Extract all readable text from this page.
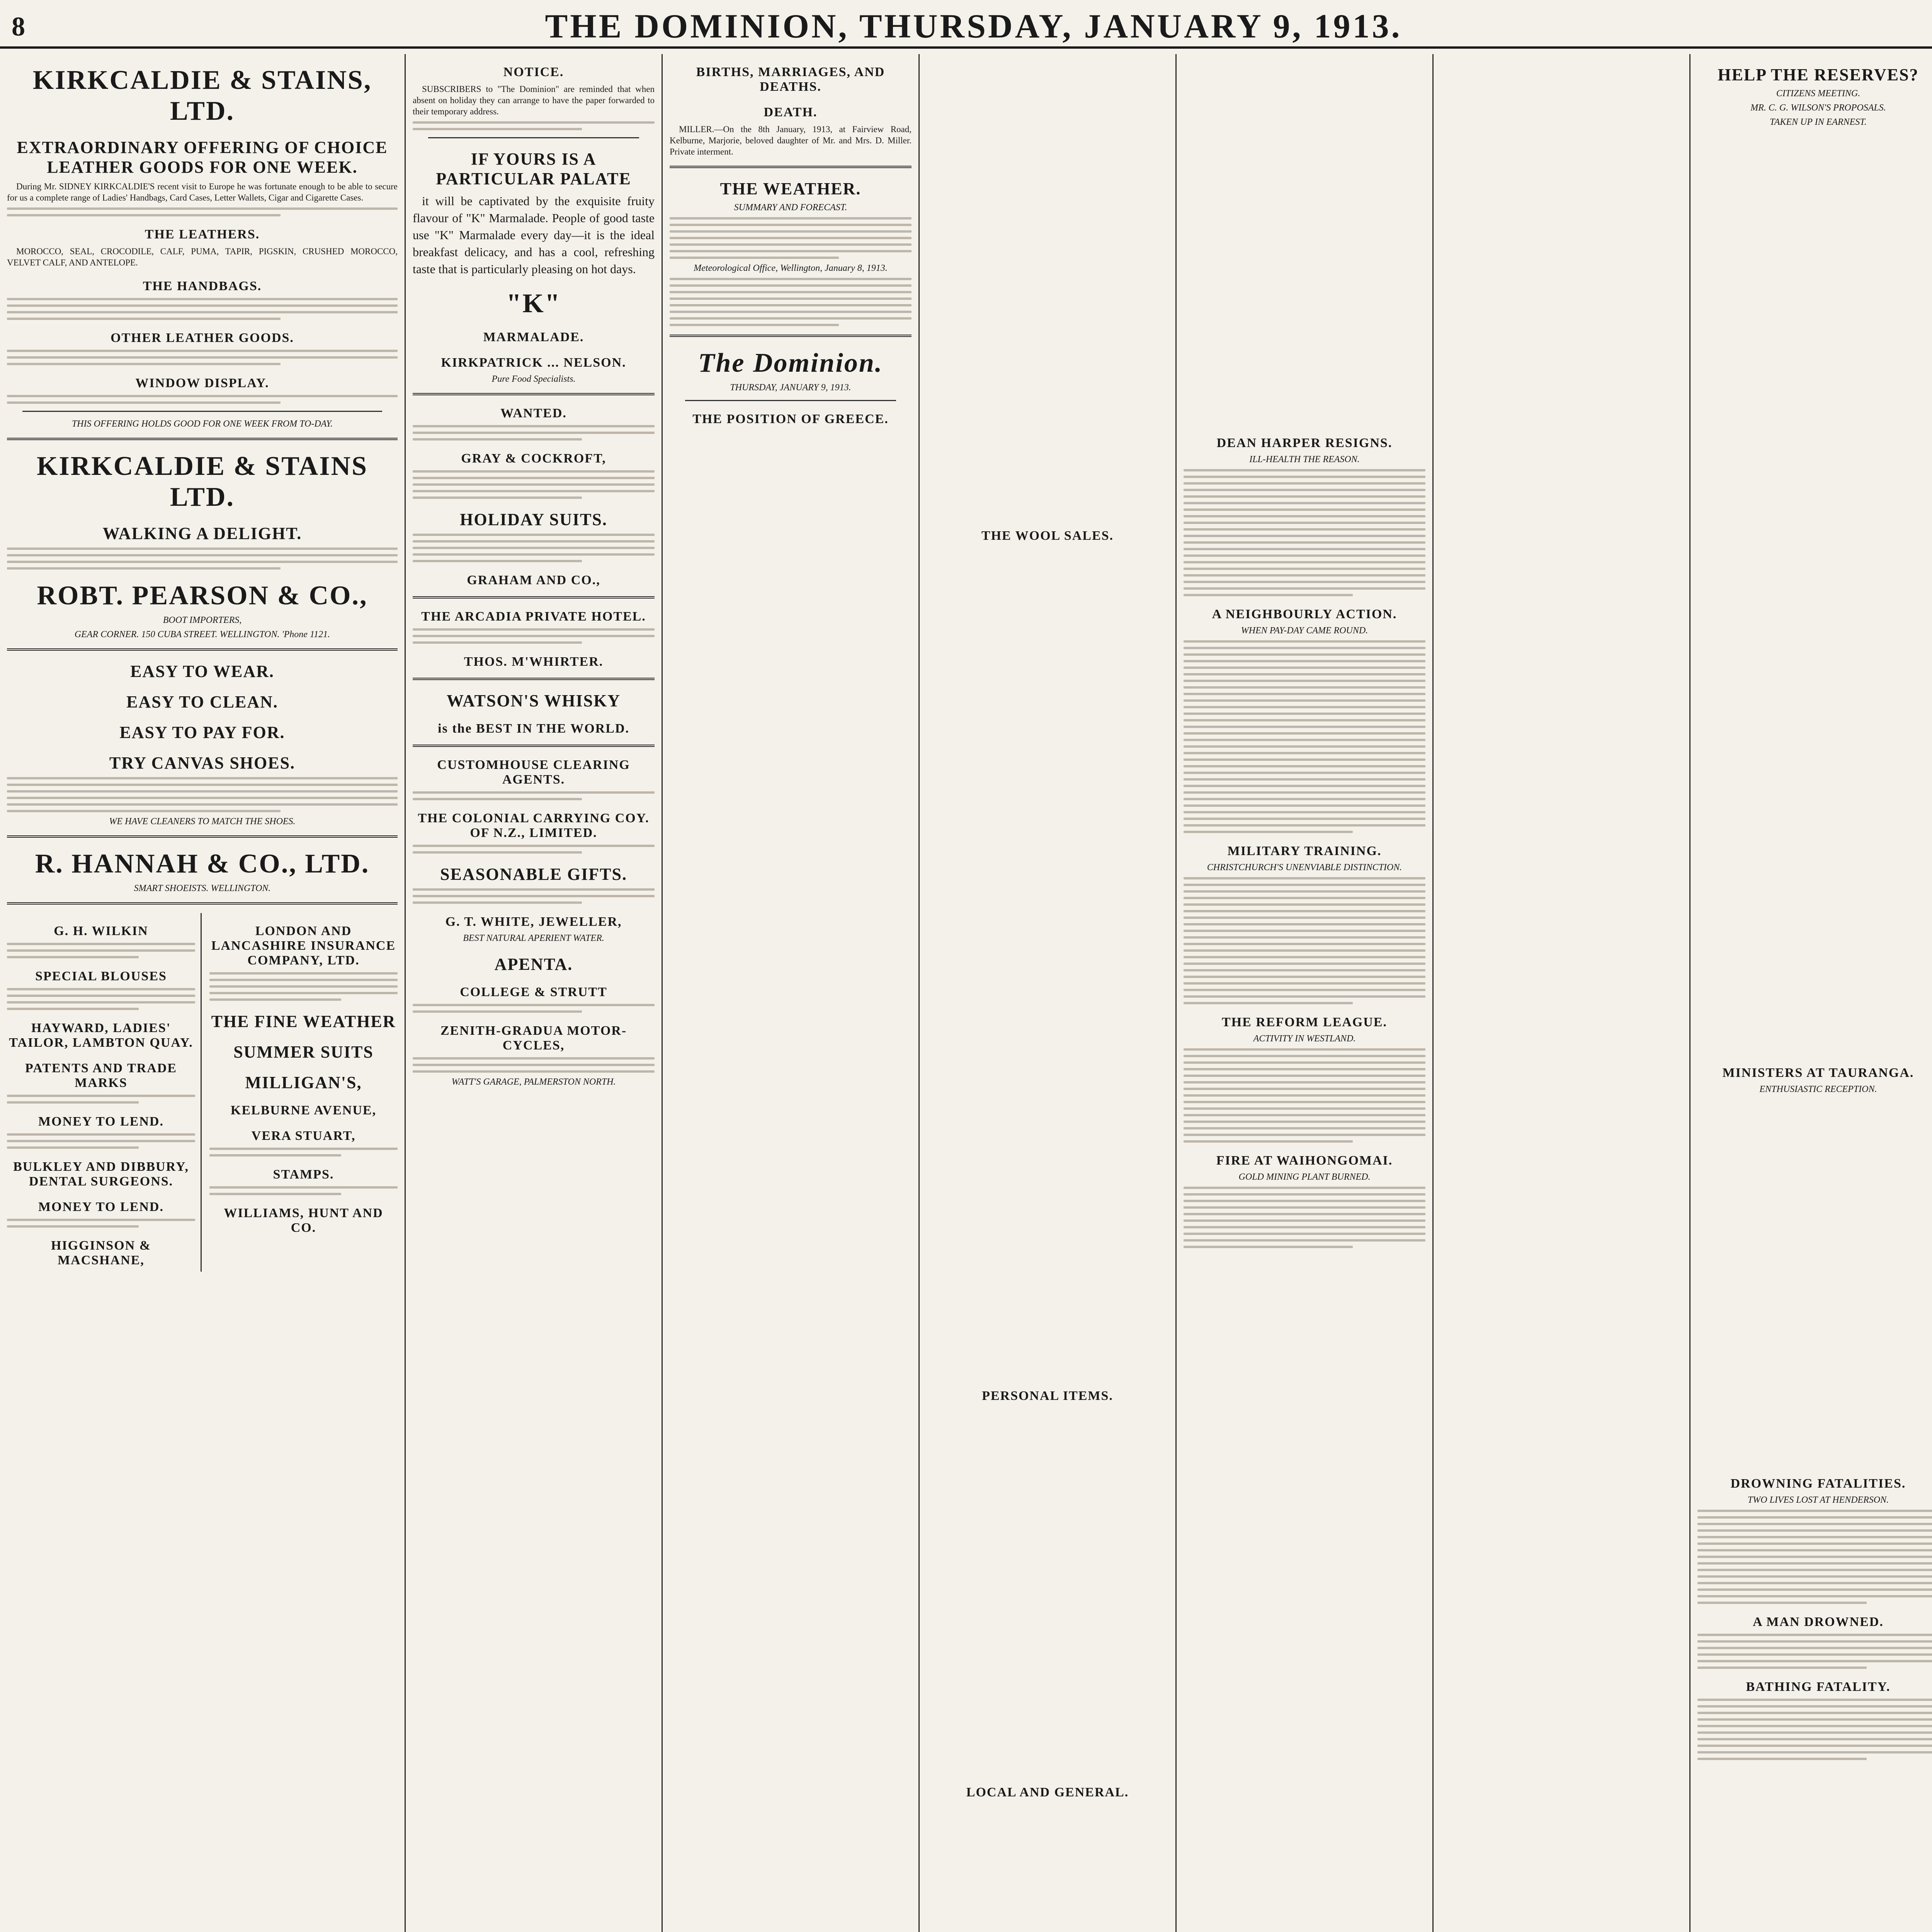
8	THE DOMINION, THURSDAY, JANUARY 9, 1913.
KIRKCALDIE & STAINS, LTD.
EXTRAORDINARY OFFERING OF CHOICE LEATHER GOODS FOR ONE WEEK.

During Mr. SIDNEY KIRKCALDIE'S recent visit to Europe he was fortunate enough to be able to secure for us a complete range of Ladies' Handbags, Card Cases, Letter Wallets, Cigar and Cigarette Cases.

THE LEATHERS.

MOROCCO, SEAL, CROCODILE, CALF, PUMA, TAPIR, PIGSKIN, CRUSHED MOROCCO, VELVET CALF, AND ANTELOPE.

THE HANDBAGS.
OTHER LEATHER GOODS.
WINDOW DISPLAY.
THIS OFFERING HOLDS GOOD FOR ONE WEEK FROM TO-DAY.
KIRKCALDIE & STAINS LTD.
WALKING A DELIGHT.
ROBT. PEARSON & CO.,
BOOT IMPORTERS,
GEAR CORNER. 150 CUBA STREET. WELLINGTON. 'Phone 1121.
EASY TO WEAR.
EASY TO CLEAN.
EASY TO PAY FOR.
TRY CANVAS SHOES.
WE HAVE CLEANERS TO MATCH THE SHOES.
R. HANNAH & CO., LTD.
SMART SHOEISTS. WELLINGTON.
G. H. WILKIN
SPECIAL BLOUSES
HAYWARD, LADIES' TAILOR, LAMBTON QUAY.
PATENTS AND TRADE MARKS
MONEY TO LEND.
BULKLEY AND DIBBURY, DENTAL SURGEONS.
MONEY TO LEND.
HIGGINSON & MACSHANE,
LONDON AND LANCASHIRE INSURANCE COMPANY, LTD.
THE FINE WEATHER
SUMMER SUITS
MILLIGAN'S,
KELBURNE AVENUE,
VERA STUART,
STAMPS.
WILLIAMS, HUNT AND CO.
NOTICE.

SUBSCRIBERS to "The Dominion" are reminded that when absent on holiday they can arrange to have the paper forwarded to their temporary address.

IF YOURS IS A PARTICULAR PALATE

it will be captivated by the exquisite fruity flavour of "K" Marmalade. People of good taste use "K" Marmalade every day—it is the ideal breakfast delicacy, and has a cool, refreshing taste that is particularly pleasing on hot days.

"K"
MARMALADE.
KIRKPATRICK ... NELSON.
Pure Food Specialists.
WANTED.
GRAY & COCKROFT,
HOLIDAY SUITS.
GRAHAM AND CO.,
THE ARCADIA PRIVATE HOTEL.
THOS. M'WHIRTER.
WATSON'S WHISKY
is the BEST IN THE WORLD.
CUSTOMHOUSE CLEARING AGENTS.
THE COLONIAL CARRYING COY. OF N.Z., LIMITED.
SEASONABLE GIFTS.
G. T. WHITE, JEWELLER,
BEST NATURAL APERIENT WATER.
APENTA.
COLLEGE & STRUTT
ZENITH-GRADUA MOTOR-CYCLES,
WATT'S GARAGE, PALMERSTON NORTH.
BIRTHS, MARRIAGES, AND DEATHS.
DEATH.

MILLER.—On the 8th January, 1913, at Fairview Road, Kelburne, Marjorie, beloved daughter of Mr. and Mrs. D. Miller. Private interment.

THE WEATHER.
SUMMARY AND FORECAST.
Meteorological Office, Wellington, January 8, 1913.
The Dominion.
THURSDAY, JANUARY 9, 1913.
THE POSITION OF GREECE.
THE WOOL SALES.
PERSONAL ITEMS.
LOCAL AND GENERAL.
DEAN HARPER RESIGNS.
ILL-HEALTH THE REASON.
A NEIGHBOURLY ACTION.
WHEN PAY-DAY CAME ROUND.
MILITARY TRAINING.
CHRISTCHURCH'S UNENVIABLE DISTINCTION.
THE REFORM LEAGUE.
ACTIVITY IN WESTLAND.
FIRE AT WAIHONGOMAI.
GOLD MINING PLANT BURNED.
HELP THE RESERVES?
CITIZENS MEETING.
MR. C. G. WILSON'S PROPOSALS.
TAKEN UP IN EARNEST.
MINISTERS AT TAURANGA.
ENTHUSIASTIC RECEPTION.
DROWNING FATALITIES.
TWO LIVES LOST AT HENDERSON.
A MAN DROWNED.
BATHING FATALITY.
